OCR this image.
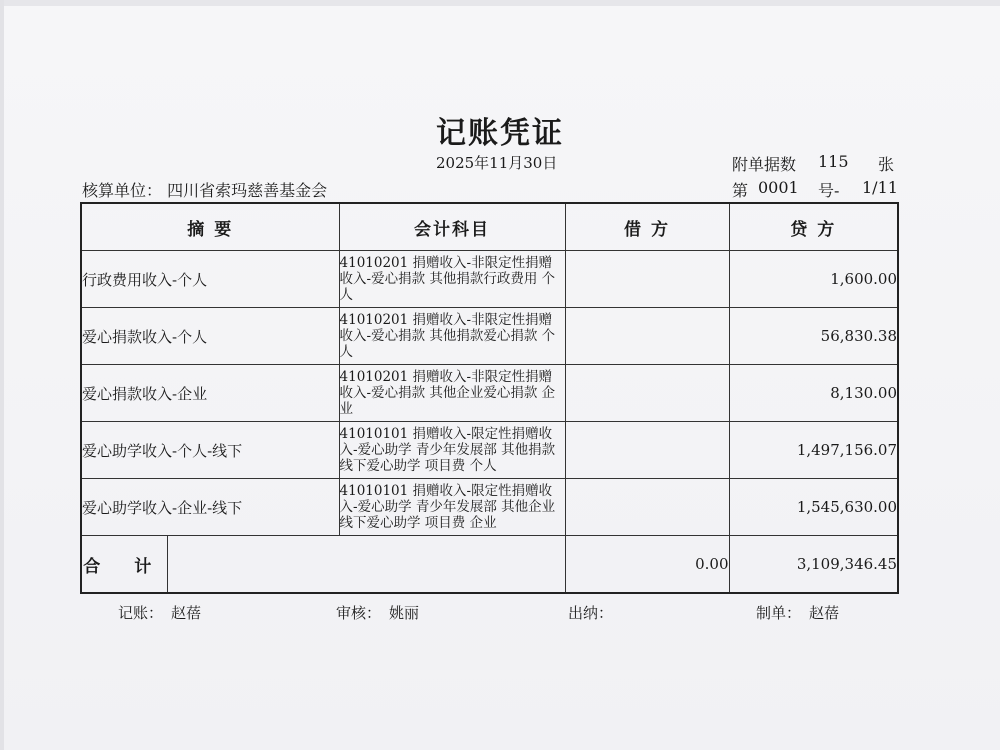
记账凭证
2025年11月30日	附单据数 115 张
核算单位： 四川省索玛慈善基金会	第 0001 号- 1/11
摘 要		会计科目	借 方	贷 方
行政费用收入-个人		41010201 捐赠收入-非限定性捐赠收入-爱心捐款 其他捐款行政费用 个人		1,600.00
爱心捐款收入-个人		41010201 捐赠收入-非限定性捐赠收入-爱心捐款 其他捐款爱心捐款 个人		56,830.38
爱心捐款收入-企业		41010201 捐赠收入-非限定性捐赠收入-爱心捐款 其他企业爱心捐款 企业		8,130.00
爱心助学收入-个人-线下		41010101 捐赠收入-限定性捐赠收入-爱心助学 青少年发展部 其他捐款 线下爱心助学 项目费 个人		1,497,156.07
爱心助学收入-企业-线下		41010101 捐赠收入-限定性捐赠收入-爱心助学 青少年发展部 其他企业 线下爱心助学 项目费 企业		1,545,630.00
合 计			0.00	3,109,346.45
记账： 赵蓓	审核： 姚丽	出纳：	制单： 赵蓓
